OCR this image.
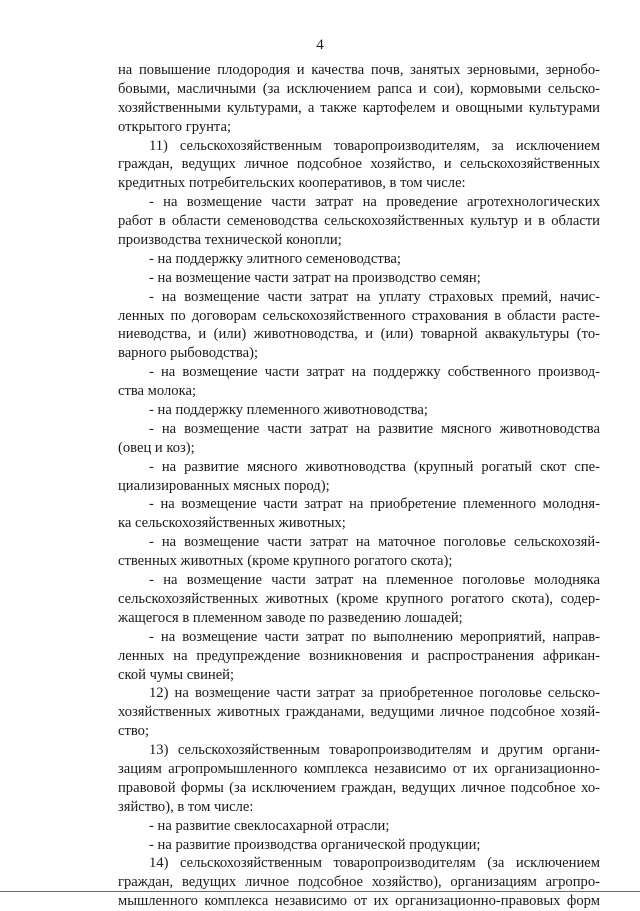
4
на повышение плодородия и качества почв, занятых зерновыми, зернобо-
бовыми, масличными (за исключением рапса и сои), кормовыми сельско-
хозяйственными культурами, а также картофелем и овощными культурами
открытого грунта;
11) сельскохозяйственным товаропроизводителям, за исключением
граждан, ведущих личное подсобное хозяйство, и сельскохозяйственных
кредитных потребительских кооперативов, в том числе:
- на возмещение части затрат на проведение агротехнологических
работ в области семеноводства сельскохозяйственных культур и в области
производства технической конопли;
- на поддержку элитного семеноводства;
- на возмещение части затрат на производство семян;
- на возмещение части затрат на уплату страховых премий, начис-
ленных по договорам сельскохозяйственного страхования в области расте-
ниеводства, и (или) животноводства, и (или) товарной аквакультуры (то-
варного рыбоводства);
- на возмещение части затрат на поддержку собственного производ-
ства молока;
- на поддержку племенного животноводства;
- на возмещение части затрат на развитие мясного животноводства
(овец и коз);
- на развитие мясного животноводства (крупный рогатый скот спе-
циализированных мясных пород);
- на возмещение части затрат на приобретение племенного молодня-
ка сельскохозяйственных животных;
- на возмещение части затрат на маточное поголовье сельскохозяй-
ственных животных (кроме крупного рогатого скота);
- на возмещение части затрат на племенное поголовье молодняка
сельскохозяйственных животных (кроме крупного рогатого скота), содер-
жащегося в племенном заводе по разведению лошадей;
- на возмещение части затрат по выполнению мероприятий, направ-
ленных на предупреждение возникновения и распространения африкан-
ской чумы свиней;
12) на возмещение части затрат за приобретенное поголовье сельско-
хозяйственных животных гражданами, ведущими личное подсобное хозяй-
ство;
13) сельскохозяйственным товаропроизводителям и другим органи-
зациям агропромышленного комплекса независимо от их организационно-
правовой формы (за исключением граждан, ведущих личное подсобное хо-
зяйство), в том числе:
- на развитие свеклосахарной отрасли;
- на развитие производства органической продукции;
14) сельскохозяйственным товаропроизводителям (за исключением
граждан, ведущих личное подсобное хозяйство), организациям агропро-
мышленного комплекса независимо от их организационно-правовых форм
